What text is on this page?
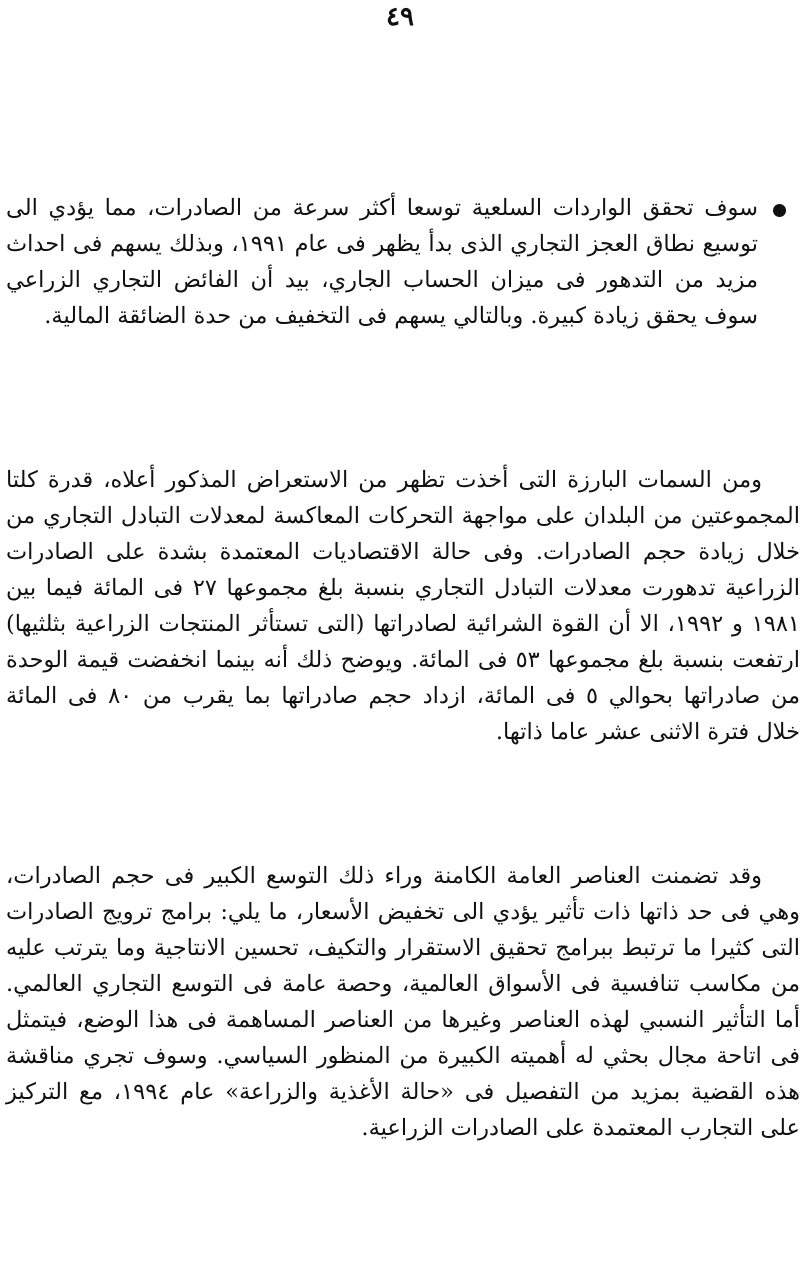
٤٩

سوف تحقق الواردات السلعية توسعا أكثر سرعة من الصادرات، مما يؤدي الى توسيع نطاق العجز التجاري الذى بدأ يظهر فى عام ١٩٩١، وبذلك يسهم فى احداث مزيد من التدهور فى ميزان الحساب الجاري، بيد أن الفائض التجاري الزراعي سوف يحقق زيادة كبيرة. وبالتالي يسهم فى التخفيف من حدة الضائقة المالية.

ومن السمات البارزة التى أخذت تظهر من الاستعراض المذكور أعلاه، قدرة كلتا المجموعتين من البلدان على مواجهة التحركات المعاكسة لمعدلات التبادل التجاري من خلال زيادة حجم الصادرات. وفى حالة الاقتصاديات المعتمدة بشدة على الصادرات الزراعية تدهورت معدلات التبادل التجاري بنسبة بلغ مجموعها ٢٧ فى المائة فيما بين ١٩٨١ و ١٩٩٢، الا أن القوة الشرائية لصادراتها (التى تستأثر المنتجات الزراعية بثلثيها) ارتفعت بنسبة بلغ مجموعها ٥٣ فى المائة. ويوضح ذلك أنه بينما انخفضت قيمة الوحدة من صادراتها بحوالي ٥ فى المائة، ازداد حجم صادراتها بما يقرب من ٨٠ فى المائة خلال فترة الاثنى عشر عاما ذاتها.

وقد تضمنت العناصر العامة الكامنة وراء ذلك التوسع الكبير فى حجم الصادرات، وهي فى حد ذاتها ذات تأثير يؤدي الى تخفيض الأسعار، ما يلي: برامج ترويج الصادرات التى كثيرا ما ترتبط ببرامج تحقيق الاستقرار والتكيف، تحسين الانتاجية وما يترتب عليه من مكاسب تنافسية فى الأسواق العالمية، وحصة عامة فى التوسع التجاري العالمي. أما التأثير النسبي لهذه العناصر وغيرها من العناصر المساهمة فى هذا الوضع، فيتمثل فى اتاحة مجال بحثي له أهميته الكبيرة من المنظور السياسي. وسوف تجري مناقشة هذه القضية بمزيد من التفصيل فى «حالة الأغذية والزراعة» عام ١٩٩٤، مع التركيز على التجارب المعتمدة على الصادرات الزراعية.
